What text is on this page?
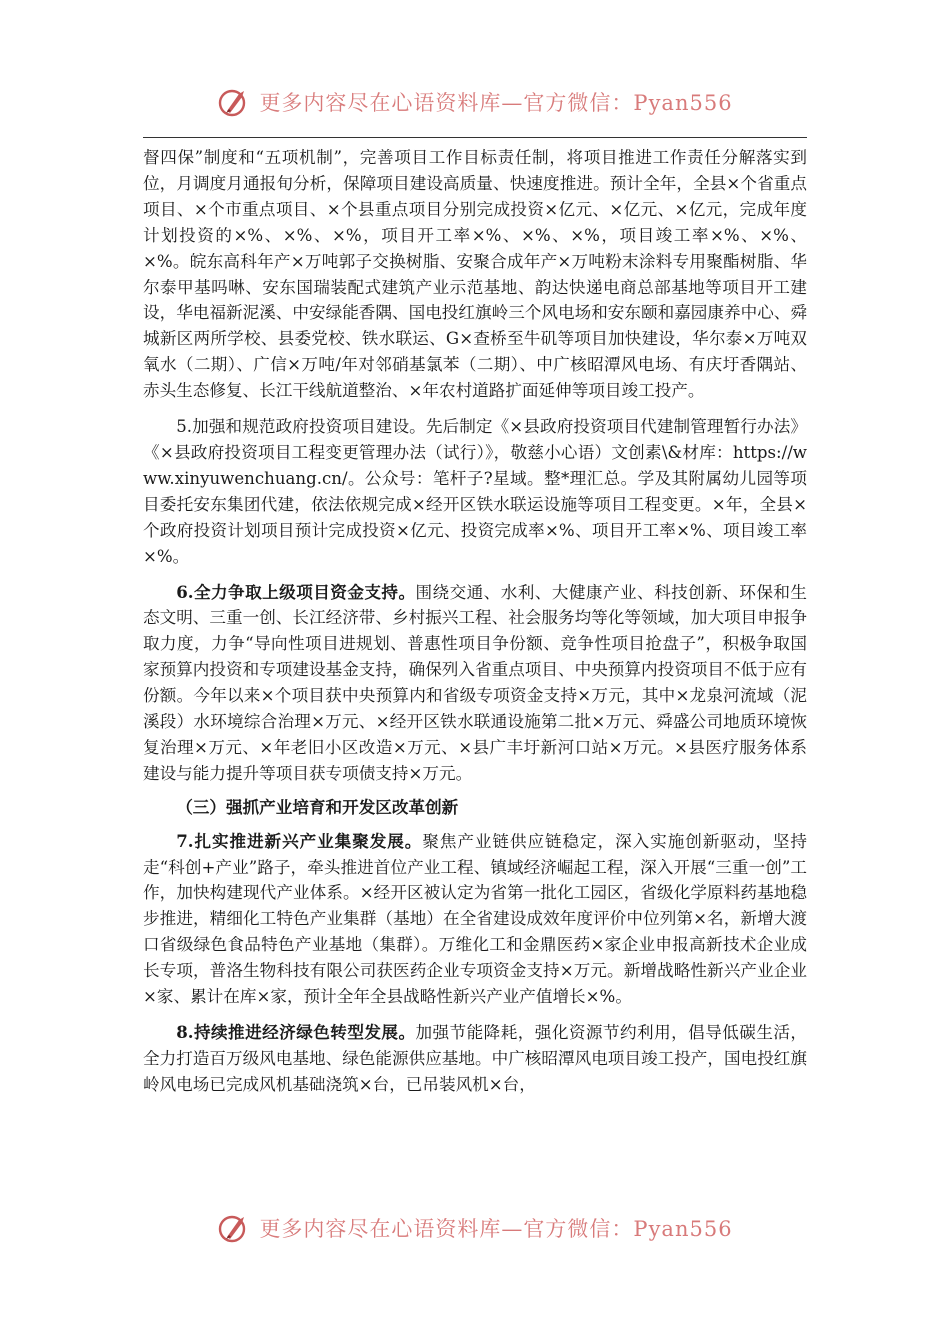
更多内容尽在心语资料库—官方微信：Pyan556

督四保”制度和“五项机制”，完善项目工作目标责任制，将项目推进工作责任分解落实到位，月调度月通报旬分析，保障项目建设高质量、快速度推进。预计全年，全县×个省重点项目、×个市重点项目、×个县重点项目分别完成投资×亿元、×亿元、×亿元，完成年度计划投资的×%、×%、×%，项目开工率×%、×%、×%，项目竣工率×%、×%、×%。皖东高科年产×万吨郭子交换树脂、安聚合成年产×万吨粉末涂料专用聚酯树脂、华尔泰甲基吗啉、安东国瑞装配式建筑产业示范基地、韵达快递电商总部基地等项目开工建设，华电福新泥溪、中安绿能香隅、国电投红旗岭三个风电场和安东颐和嘉园康养中心、舜城新区两所学校、县委党校、铁水联运、G×查桥至牛矶等项目加快建设，华尔泰×万吨双氧水（二期）、广信×万吨/年对邻硝基氯苯（二期）、中广核昭潭风电场、有庆圩香隅站、赤头生态修复、长江干线航道整治、×年农村道路扩面延伸等项目竣工投产。

5.加强和规范政府投资项目建设。先后制定《×县政府投资项目代建制管理暂行办法》《×县政府投资项目工程变更管理办法（试行）》，敬慈小心语）文创素\&材库：https://www.xinyuwenchuang.cn/。公众号：笔杆子?星域。整*理汇总。学及其附属幼儿园等项目委托安东集团代建，依法依规完成×经开区铁水联运设施等项目工程变更。×年，全县×个政府投资计划项目预计完成投资×亿元、投资完成率×%、项目开工率×%、项目竣工率×%。

6.全力争取上级项目资金支持。围绕交通、水利、大健康产业、科技创新、环保和生态文明、三重一创、长江经济带、乡村振兴工程、社会服务均等化等领域，加大项目申报争取力度，力争“导向性项目进规划、普惠性项目争份额、竞争性项目抢盘子”，积极争取国家预算内投资和专项建设基金支持，确保列入省重点项目、中央预算内投资项目不低于应有份额。今年以来×个项目获中央预算内和省级专项资金支持×万元，其中×龙泉河流域（泥溪段）水环境综合治理×万元、×经开区铁水联通设施第二批×万元、舜盛公司地质环境恢复治理×万元、×年老旧小区改造×万元、×县广丰圩新河口站×万元。×县医疗服务体系建设与能力提升等项目获专项债支持×万元。

（三）强抓产业培育和开发区改革创新

7.扎实推进新兴产业集聚发展。聚焦产业链供应链稳定，深入实施创新驱动，坚持走“科创+产业”路子，牵头推进首位产业工程、镇域经济崛起工程，深入开展“三重一创”工作，加快构建现代产业体系。×经开区被认定为省第一批化工园区，省级化学原料药基地稳步推进，精细化工特色产业集群（基地）在全省建设成效年度评价中位列第×名，新增大渡口省级绿色食品特色产业基地（集群）。万维化工和金鼎医药×家企业申报高新技术企业成长专项，普洛生物科技有限公司获医药企业专项资金支持×万元。新增战略性新兴产业企业×家、累计在库×家，预计全年全县战略性新兴产业产值增长×%。

8.持续推进经济绿色转型发展。加强节能降耗，强化资源节约利用，倡导低碳生活，全力打造百万级风电基地、绿色能源供应基地。中广核昭潭风电项目竣工投产，国电投红旗岭风电场已完成风机基础浇筑×台，已吊装风机×台，

更多内容尽在心语资料库—官方微信：Pyan556
